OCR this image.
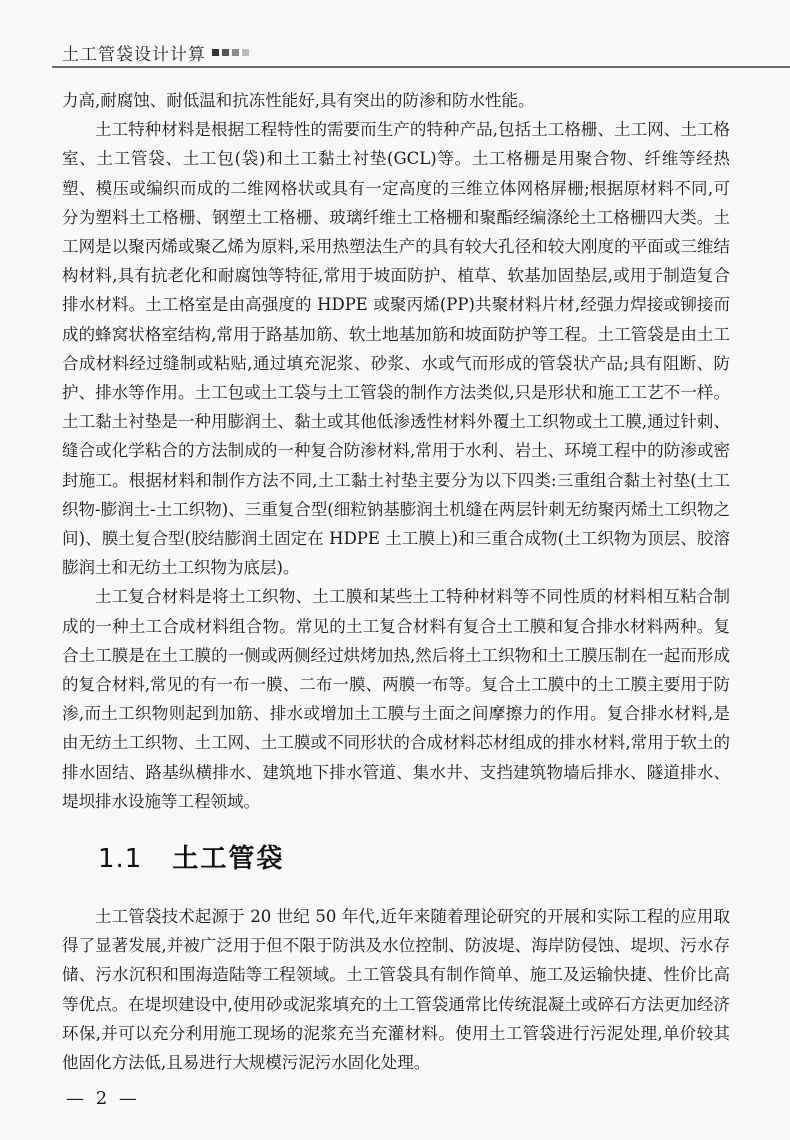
土工管袋设计计算

力高,耐腐蚀、耐低温和抗冻性能好,具有突出的防渗和防水性能。

土工特种材料是根据工程特性的需要而生产的特种产品,包括土工格栅、土工网、土工格室、土工管袋、土工包(袋)和土工黏土衬垫(GCL)等。土工格栅是用聚合物、纤维等经热塑、模压或编织而成的二维网格状或具有一定高度的三维立体网格屏栅;根据原材料不同,可分为塑料土工格栅、钢塑土工格栅、玻璃纤维土工格栅和聚酯经编涤纶土工格栅四大类。土工网是以聚丙烯或聚乙烯为原料,采用热塑法生产的具有较大孔径和较大刚度的平面或三维结构材料,具有抗老化和耐腐蚀等特征,常用于坡面防护、植草、软基加固垫层,或用于制造复合排水材料。土工格室是由高强度的 HDPE 或聚丙烯(PP)共聚材料片材,经强力焊接或铆接而成的蜂窝状格室结构,常用于路基加筋、软土地基加筋和坡面防护等工程。土工管袋是由土工合成材料经过缝制或粘贴,通过填充泥浆、砂浆、水或气而形成的管袋状产品;具有阻断、防护、排水等作用。土工包或土工袋与土工管袋的制作方法类似,只是形状和施工工艺不一样。土工黏土衬垫是一种用膨润土、黏土或其他低渗透性材料外覆土工织物或土工膜,通过针刺、缝合或化学粘合的方法制成的一种复合防渗材料,常用于水利、岩土、环境工程中的防渗或密封施工。根据材料和制作方法不同,土工黏土衬垫主要分为以下四类:三重组合黏土衬垫(土工织物-膨润土-土工织物)、三重复合型(细粒钠基膨润土机缝在两层针刺无纺聚丙烯土工织物之间)、膜土复合型(胶结膨润土固定在 HDPE 土工膜上)和三重合成物(土工织物为顶层、胶溶膨润土和无纺土工织物为底层)。

土工复合材料是将土工织物、土工膜和某些土工特种材料等不同性质的材料相互粘合制成的一种土工合成材料组合物。常见的土工复合材料有复合土工膜和复合排水材料两种。复合土工膜是在土工膜的一侧或两侧经过烘烤加热,然后将土工织物和土工膜压制在一起而形成的复合材料,常见的有一布一膜、二布一膜、两膜一布等。复合土工膜中的土工膜主要用于防渗,而土工织物则起到加筋、排水或增加土工膜与土面之间摩擦力的作用。复合排水材料,是由无纺土工织物、土工网、土工膜或不同形状的合成材料芯材组成的排水材料,常用于软土的排水固结、路基纵横排水、建筑地下排水管道、集水井、支挡建筑物墙后排水、隧道排水、堤坝排水设施等工程领域。

1.1 土工管袋

土工管袋技术起源于 20 世纪 50 年代,近年来随着理论研究的开展和实际工程的应用取得了显著发展,并被广泛用于但不限于防洪及水位控制、防波堤、海岸防侵蚀、堤坝、污水存储、污水沉积和围海造陆等工程领域。土工管袋具有制作简单、施工及运输快捷、性价比高等优点。在堤坝建设中,使用砂或泥浆填充的土工管袋通常比传统混凝土或碎石方法更加经济环保,并可以充分利用施工现场的泥浆充当充灌材料。使用土工管袋进行污泥处理,单价较其他固化方法低,且易进行大规模污泥污水固化处理。

— 2 —
